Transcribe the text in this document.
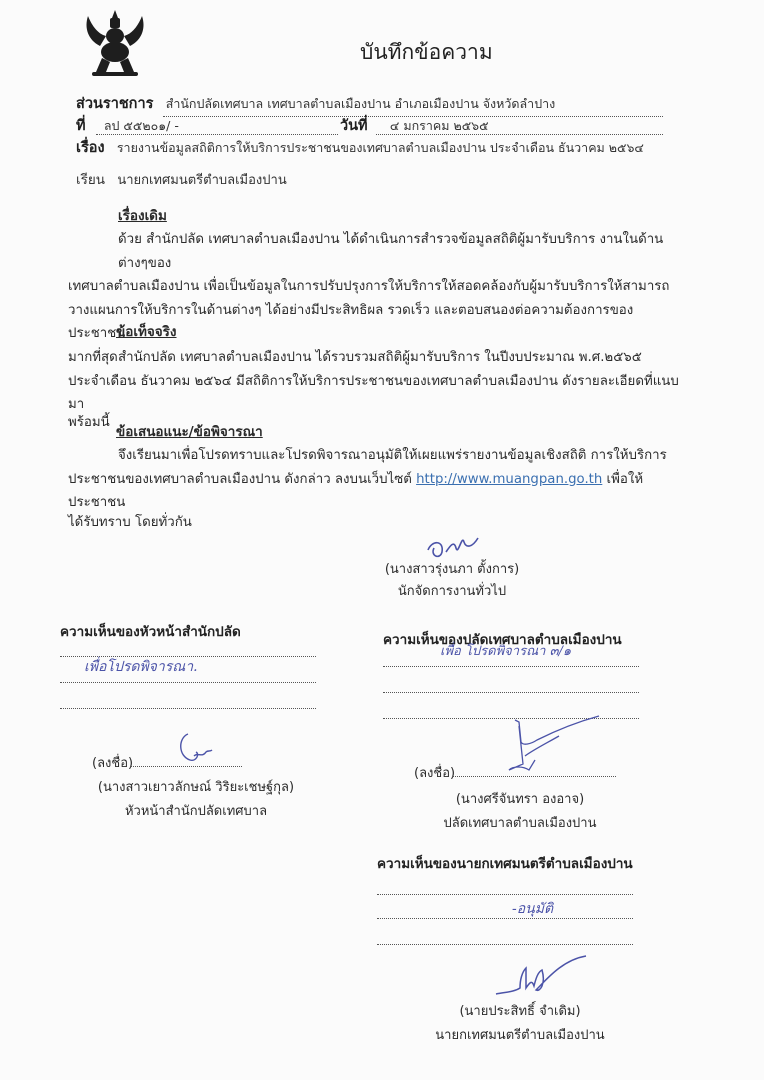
บันทึกข้อความ
ส่วนราชการ สำนักปลัดเทศบาล เทศบาลตำบลเมืองปาน อำเภอเมืองปาน จังหวัดลำปาง
ที่ ลป ๕๕๒๐๑/ -	วันที่ ๔ มกราคม ๒๕๖๕
เรื่อง รายงานข้อมูลสถิติการให้บริการประชาชนของเทศบาลตำบลเมืองปาน ประจำเดือน ธันวาคม ๒๕๖๔
เรียน นายกเทศมนตรีตำบลเมืองปาน
เรื่องเดิม
ด้วย สำนักปลัด เทศบาลตำบลเมืองปาน ได้ดำเนินการสำรวจข้อมูลสถิติผู้มารับบริการ งานในด้านต่างๆของ
เทศบาลตำบลเมืองปาน เพื่อเป็นข้อมูลในการปรับปรุงการให้บริการให้สอดคล้องกับผู้มารับบริการให้สามารถ
วางแผนการให้บริการในด้านต่างๆ ได้อย่างมีประสิทธิผล รวดเร็ว และตอบสนองต่อความต้องการของประชาชน
มากที่สุด
ข้อเท็จจริง
สำนักปลัด เทศบาลตำบลเมืองปาน ได้รวบรวมสถิติผู้มารับบริการ ในปีงบประมาณ พ.ศ.๒๕๖๕
ประจำเดือน ธันวาคม ๒๕๖๔ มีสถิติการให้บริการประชาชนของเทศบาลตำบลเมืองปาน ดังรายละเอียดที่แนบมา
พร้อมนี้
ข้อเสนอแนะ/ข้อพิจารณา
จึงเรียนมาเพื่อโปรดทราบและโปรดพิจารณาอนุมัติให้เผยแพร่รายงานข้อมูลเชิงสถิติ การให้บริการ
ประชาชนของเทศบาลตำบลเมืองปาน ดังกล่าว ลงบนเว็บไซต์ http://www.muangpan.go.th เพื่อให้ประชาชน
ได้รับทราบ โดยทั่วกัน
(นางสาวรุ่งนภา ตั้งการ)
นักจัดการงานทั่วไป
ความเห็นของหัวหน้าสำนักปลัด
เพื่อโปรดพิจารณา.
(ลงชื่อ)
(นางสาวเยาวลักษณ์ วิริยะเชษฐ์กุล)
หัวหน้าสำนักปลัดเทศบาล
ความเห็นของปลัดเทศบาลตำบลเมืองปาน
เพื่อ โปรดพิจารณา ๓/๑
(ลงชื่อ)
(นางศรีจันทรา องอาจ)
ปลัดเทศบาลตำบลเมืองปาน
ความเห็นของนายกเทศมนตรีตำบลเมืองปาน
-อนุมัติ
(นายประสิทธิ์ จำเดิม)
นายกเทศมนตรีตำบลเมืองปาน
